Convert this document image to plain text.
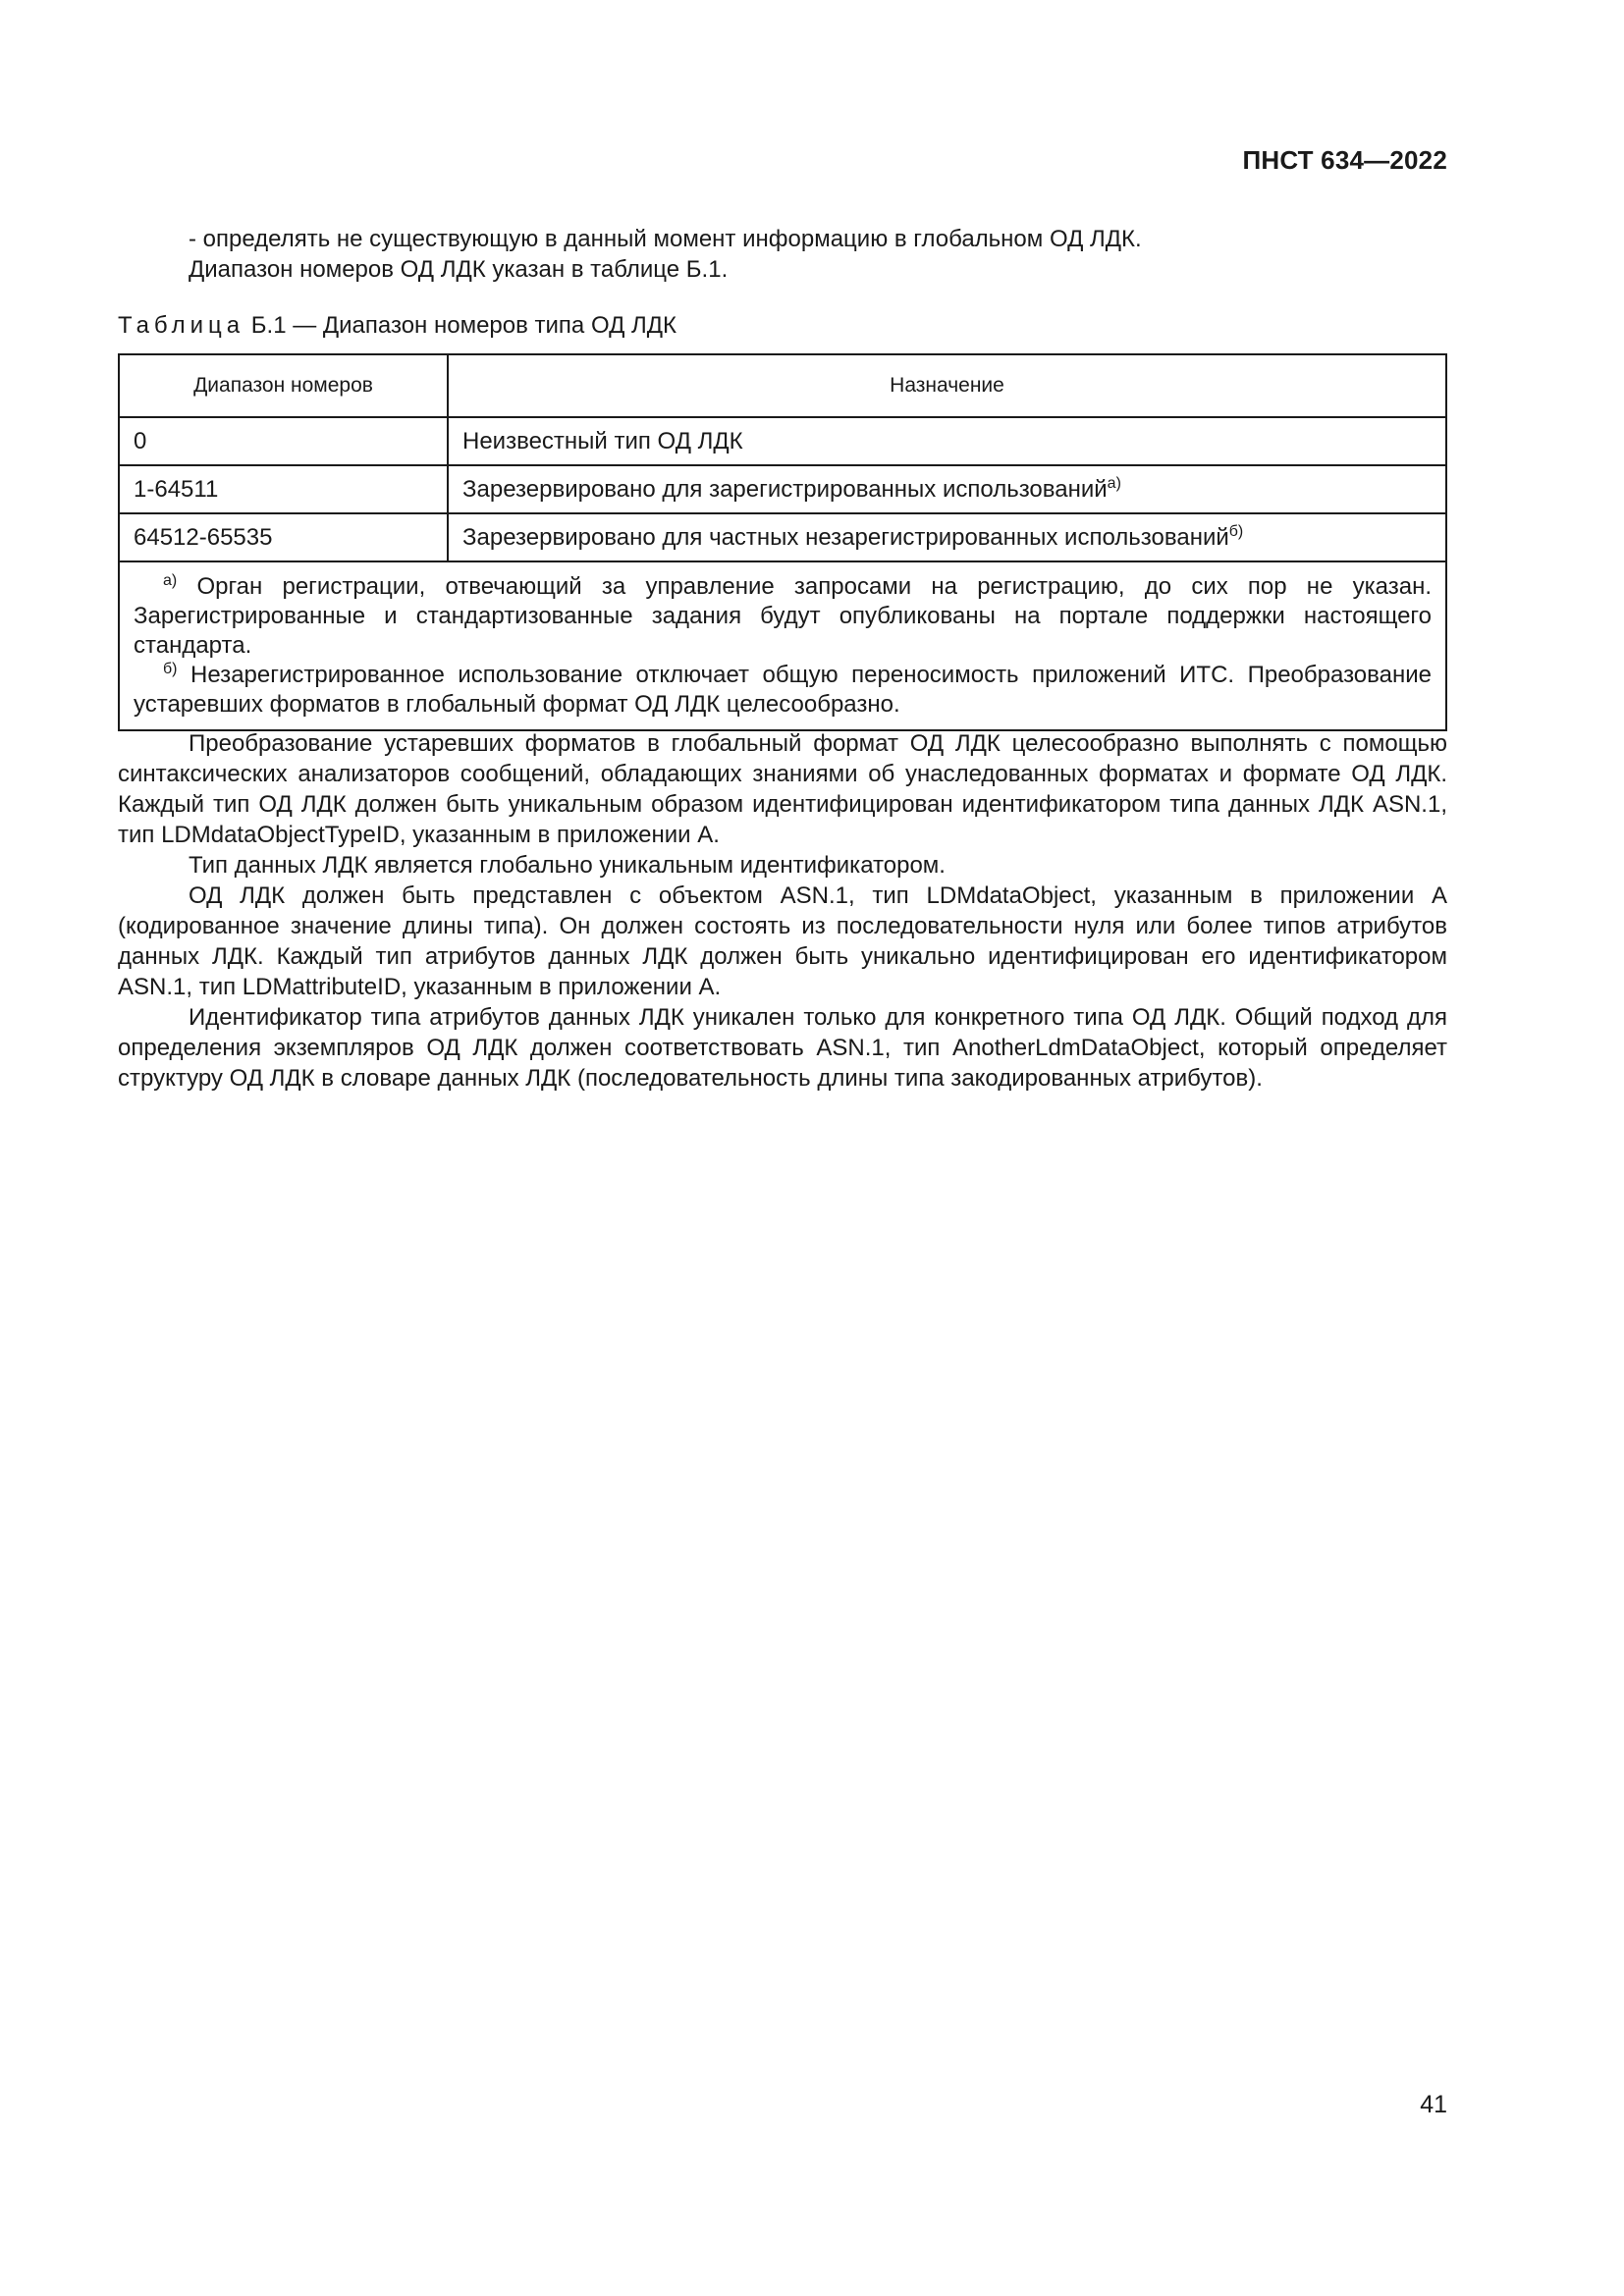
ПНСТ 634—2022

- определять не существующую в данный момент информацию в глобальном ОД ЛДК.

Диапазон номеров ОД ЛДК указан в таблице Б.1.

Таблица Б.1 — Диапазон номеров типа ОД ЛДК
Диапазон номеров	Назначение
0	Неизвестный тип ОД ЛДК
1-64511	Зарезервировано для зарегистрированных использований$^{а)}$
64512-65535	Зарезервировано для частных незарегистрированных использований$^{б)}$

$^{а)}$ Орган регистрации, отвечающий за управление запросами на регистрацию, до сих пор не указан. Зарегистрированные и стандартизованные задания будут опубликованы на портале поддержки настоящего стандарта.

$^{б)}$ Незарегистрированное использование отключает общую переносимость приложений ИТС. Преобразование устаревших форматов в глобальный формат ОД ЛДК целесообразно.	

Преобразование устаревших форматов в глобальный формат ОД ЛДК целесообразно выполнять с помощью синтаксических анализаторов сообщений, обладающих знаниями об унаследованных форматах и формате ОД ЛДК. Каждый тип ОД ЛДК должен быть уникальным образом идентифицирован идентификатором типа данных ЛДК ASN.1, тип LDMdataObjectTypeID, указанным в приложении А.

Тип данных ЛДК является глобально уникальным идентификатором.

ОД ЛДК должен быть представлен с объектом ASN.1, тип LDMdataObject, указанным в приложении А (кодированное значение длины типа). Он должен состоять из последовательности нуля или более типов атрибутов данных ЛДК. Каждый тип атрибутов данных ЛДК должен быть уникально идентифицирован его идентификатором ASN.1, тип LDMattributeID, указанным в приложении А.

Идентификатор типа атрибутов данных ЛДК уникален только для конкретного типа ОД ЛДК. Общий подход для определения экземпляров ОД ЛДК должен соответствовать ASN.1, тип AnotherLdmDataObject, который определяет структуру ОД ЛДК в словаре данных ЛДК (последовательность длины типа закодированных атрибутов).

41
